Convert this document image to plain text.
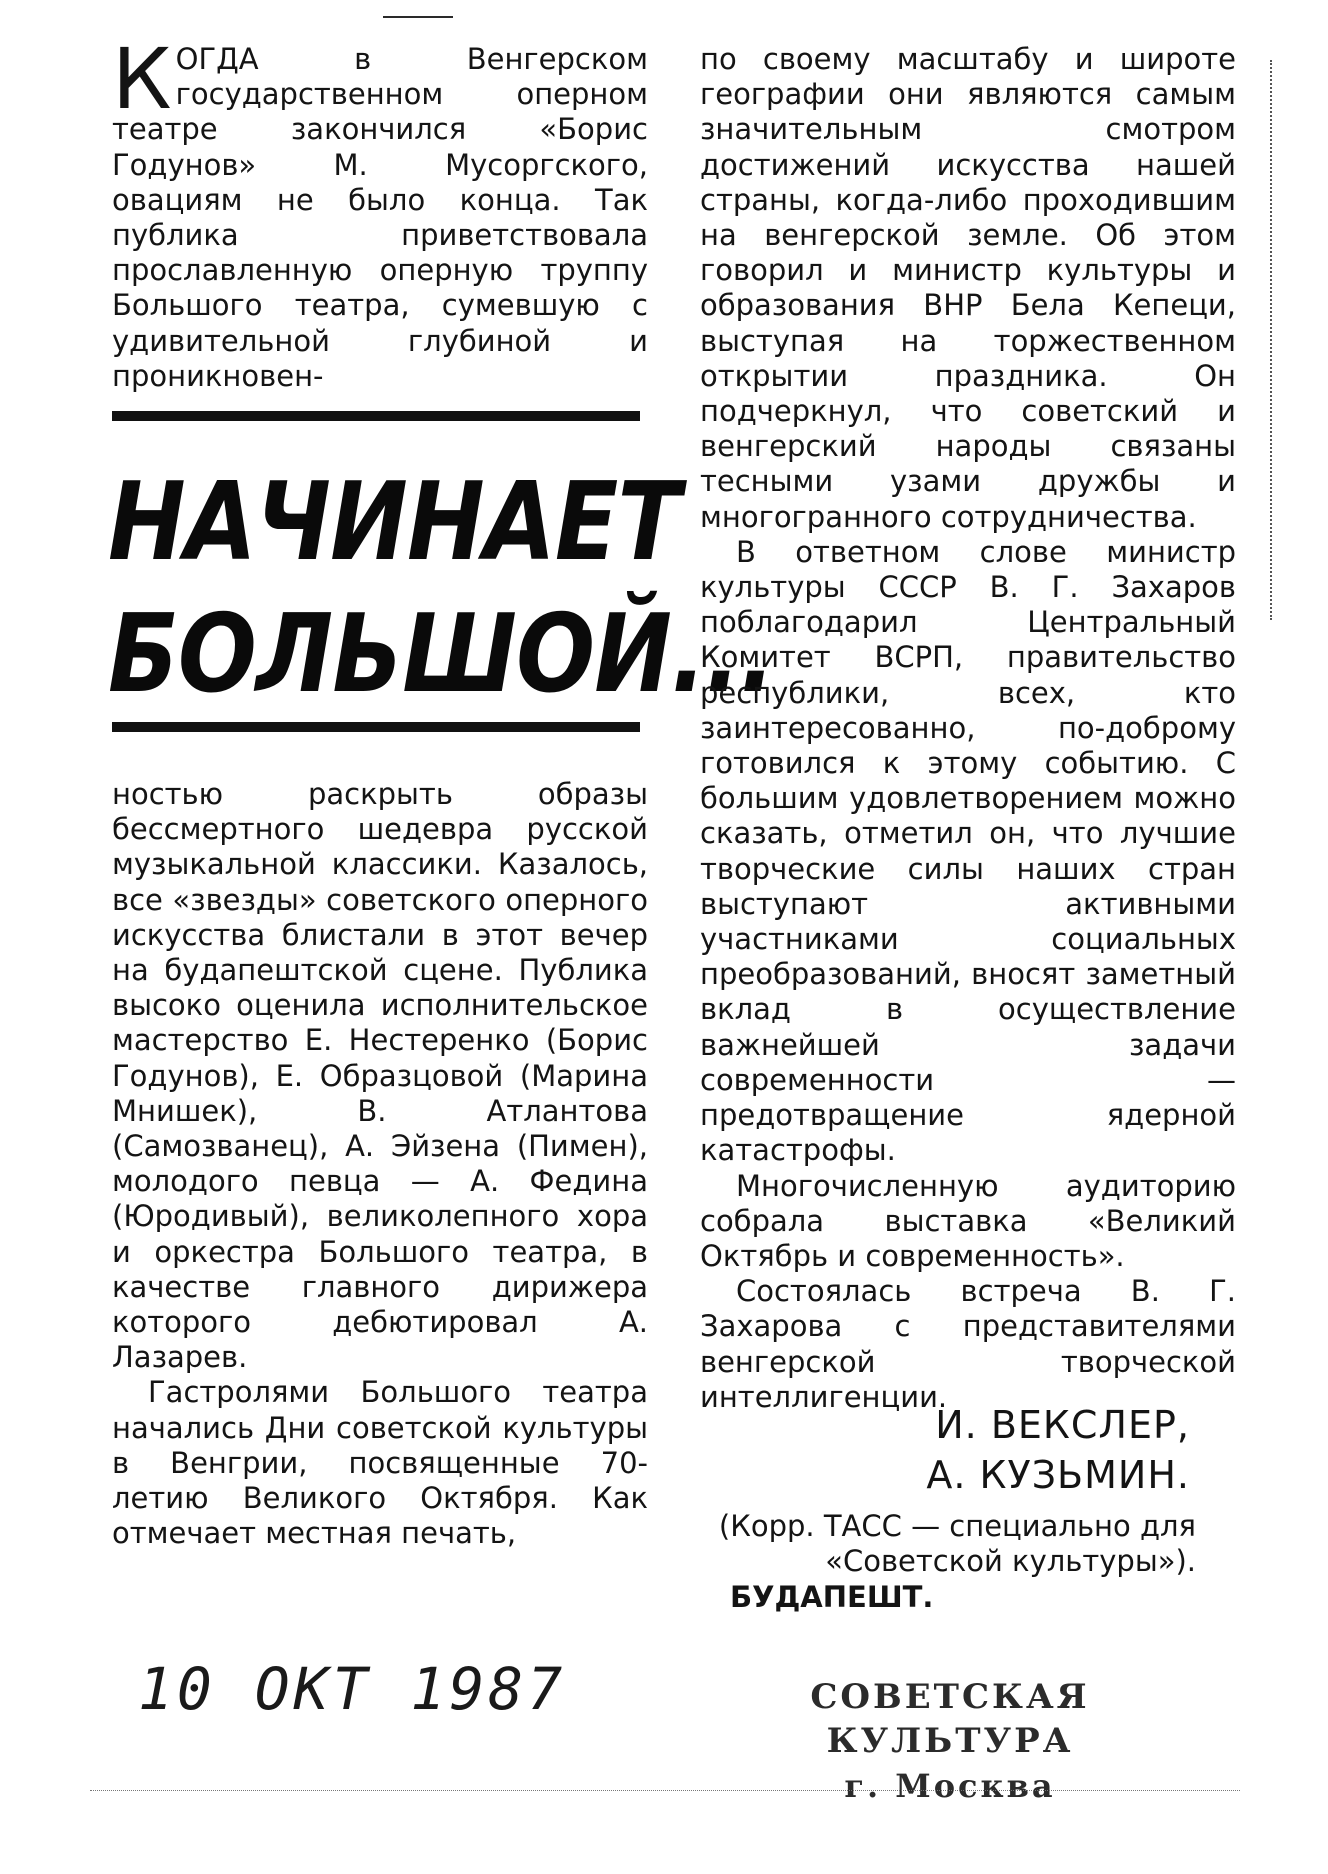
К ОГДА в Венгерском государственном оперном театре закончился «Борис Годунов» М. Мусоргского, овациям не было конца. Так публика приветствовала прославленную оперную труппу Большого театра, сумевшую с удивительной глубиной и проникновен-

НАЧИНАЕТ
БОЛЬШОЙ...

ностью раскрыть образы бессмертного шедевра русской музыкальной классики. Казалось, все «звезды» советского оперного искусства блистали в этот вечер на будапештской сцене. Публика высоко оценила исполнительское мастерство Е. Нестеренко (Борис Годунов), Е. Образцовой (Марина Мнишек), В. Атлантова (Самозванец), А. Эйзена (Пимен), молодого певца — А. Федина (Юродивый), великолепного хора и оркестра Большого театра, в качестве главного дирижера которого дебютировал А. Лазарев.

Гастролями Большого театра начались Дни советской культуры в Венгрии, посвященные 70-летию Великого Октября. Как отмечает местная печать,

по своему масштабу и широте географии они являются самым значительным смотром достижений искусства нашей страны, когда-либо проходившим на венгерской земле. Об этом говорил и министр культуры и образования ВНР Бела Кепеци, выступая на торжественном открытии праздника. Он подчеркнул, что советский и венгерский народы связаны тесными узами дружбы и многогранного сотрудничества.

В ответном слове министр культуры СССР В. Г. Захаров поблагодарил Центральный Комитет ВСРП, правительство республики, всех, кто заинтересованно, по-доброму готовился к этому событию. С большим удовлетворением можно сказать, отметил он, что лучшие творческие силы наших стран выступают активными участниками социальных преобразований, вносят заметный вклад в осуществление важнейшей задачи современности — предотвращение ядерной катастрофы.

Многочисленную аудиторию собрала выставка «Великий Октябрь и современность».

Состоялась встреча В. Г. Захарова с представителями венгерской творческой интеллигенции.

И. ВЕКСЛЕР,
А. КУЗЬМИН.
(Корр. ТАСС — специально для «Советской культуры»).
БУДАПЕШТ.
10 ОКТ 1987	СОВЕТСКАЯ КУЛЬТУРА
г. Москва
